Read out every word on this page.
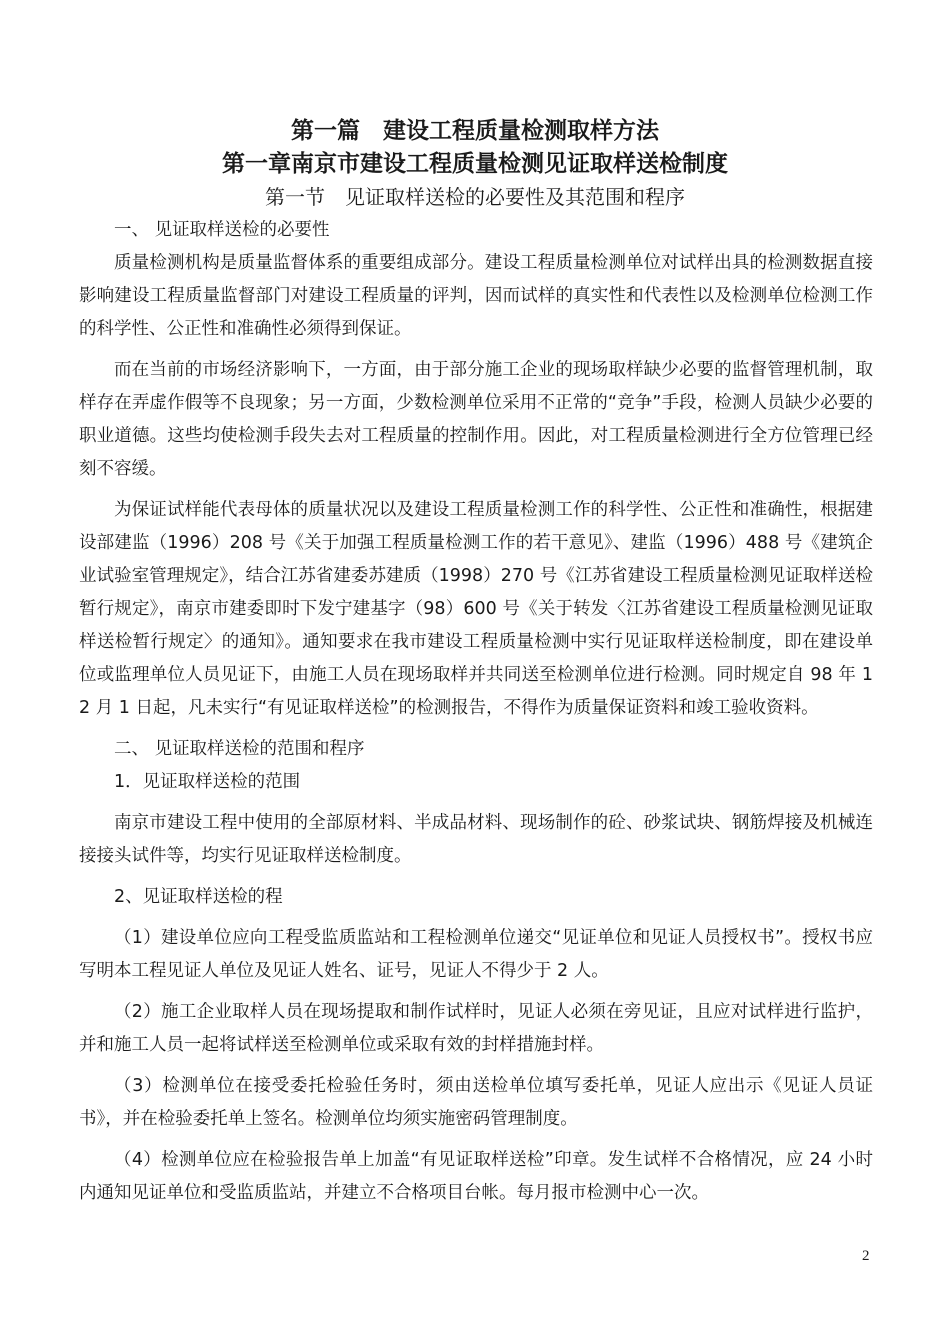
第一篇　建设工程质量检测取样方法
第一章南京市建设工程质量检测见证取样送检制度
第一节　见证取样送检的必要性及其范围和程序
一、 见证取样送检的必要性

质量检测机构是质量监督体系的重要组成部分。建设工程质量检测单位对试样出具的检测数据直接影响建设工程质量监督部门对建设工程质量的评判，因而试样的真实性和代表性以及检测单位检测工作的科学性、公正性和准确性必须得到保证。

而在当前的市场经济影响下，一方面，由于部分施工企业的现场取样缺少必要的监督管理机制，取样存在弄虚作假等不良现象；另一方面，少数检测单位采用不正常的“竞争”手段，检测人员缺少必要的职业道德。这些均使检测手段失去对工程质量的控制作用。因此，对工程质量检测进行全方位管理已经刻不容缓。

为保证试样能代表母体的质量状况以及建设工程质量检测工作的科学性、公正性和准确性，根据建设部建监（1996）208 号《关于加强工程质量检测工作的若干意见》、建监（1996）488 号《建筑企业试验室管理规定》，结合江苏省建委苏建质（1998）270 号《江苏省建设工程质量检测见证取样送检暂行规定》，南京市建委即时下发宁建基字（98）600 号《关于转发〈江苏省建设工程质量检测见证取样送检暂行规定〉的通知》。通知要求在我市建设工程质量检测中实行见证取样送检制度，即在建设单位或监理单位人员见证下，由施工人员在现场取样并共同送至检测单位进行检测。同时规定自 98 年 12 月 1 日起，凡未实行“有见证取样送检”的检测报告，不得作为质量保证资料和竣工验收资料。

二、 见证取样送检的范围和程序
1．见证取样送检的范围

南京市建设工程中使用的全部原材料、半成品材料、现场制作的砼、砂浆试块、钢筋焊接及机械连接接头试件等，均实行见证取样送检制度。

2、见证取样送检的程

（1）建设单位应向工程受监质监站和工程检测单位递交“见证单位和见证人员授权书”。授权书应写明本工程见证人单位及见证人姓名、证号，见证人不得少于 2 人。

（2）施工企业取样人员在现场提取和制作试样时，见证人必须在旁见证，且应对试样进行监护，并和施工人员一起将试样送至检测单位或采取有效的封样措施封样。

（3）检测单位在接受委托检验任务时，须由送检单位填写委托单，见证人应出示《见证人员证书》，并在检验委托单上签名。检测单位均须实施密码管理制度。

（4）检测单位应在检验报告单上加盖“有见证取样送检”印章。发生试样不合格情况，应 24 小时内通知见证单位和受监质监站，并建立不合格项目台帐。每月报市检测中心一次。

2
